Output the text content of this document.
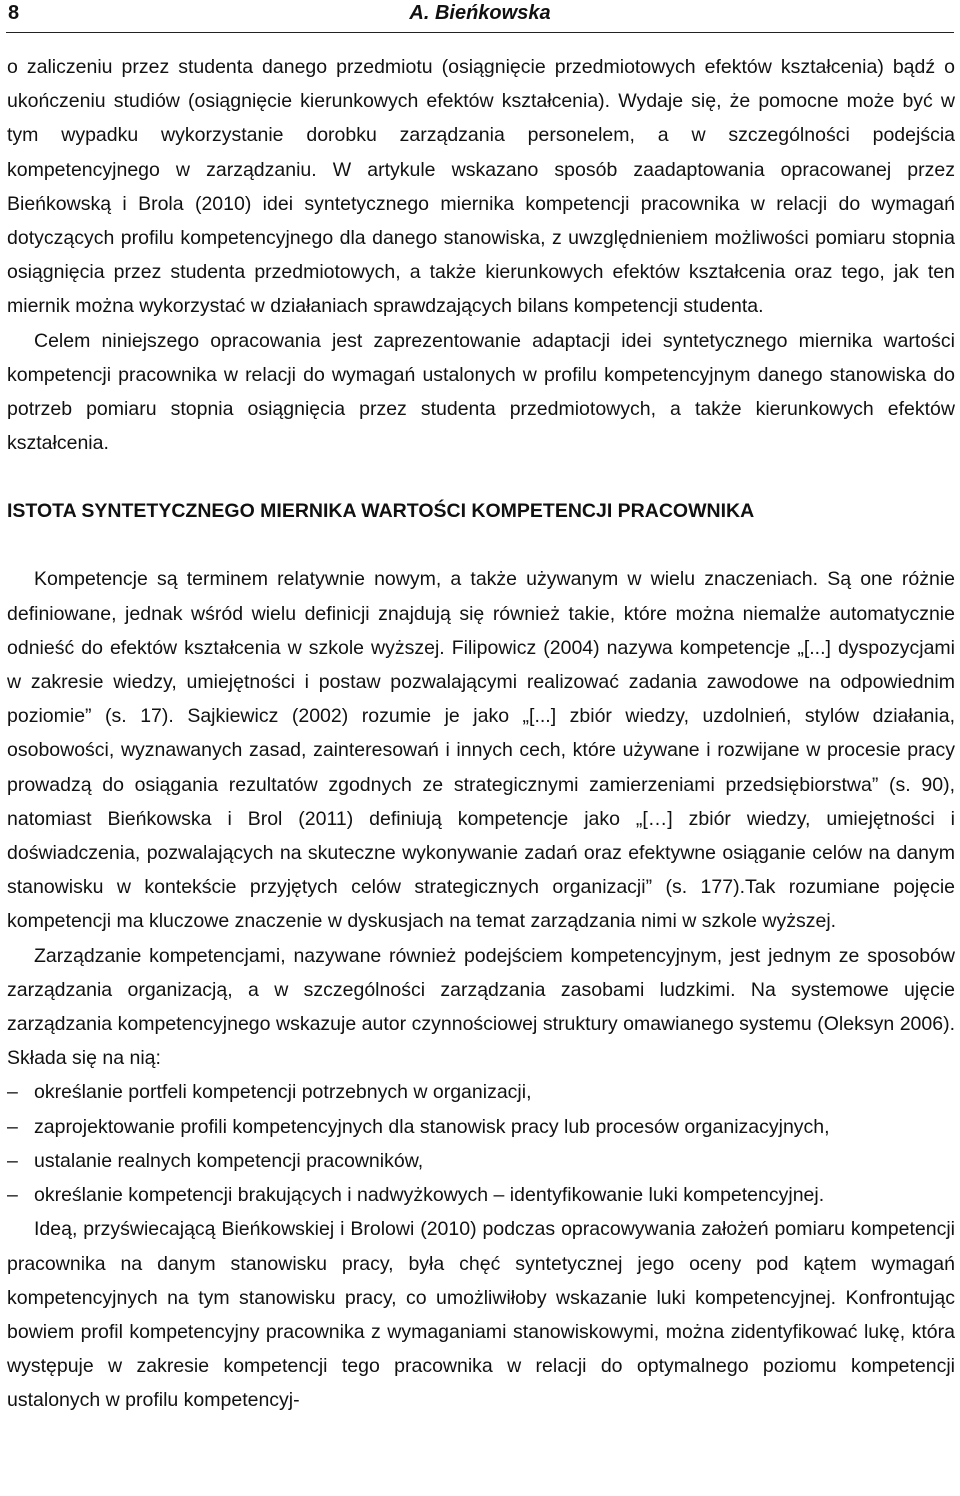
8	A. Bieńkowska

o zaliczeniu przez studenta danego przedmiotu (osiągnięcie przedmiotowych efektów kształcenia) bądź o ukończeniu studiów (osiągnięcie kierunkowych efektów kształcenia). Wydaje się, że pomocne może być w tym wypadku wykorzystanie dorobku zarządzania personelem, a w szczególności podejścia kompetencyjnego w zarządzaniu. W artykule wskazano sposób zaadaptowania opracowanej przez Bieńkowską i Brola (2010) idei syntetycznego miernika kompetencji pracownika w relacji do wymagań dotyczących profilu kompetencyjnego dla danego stanowiska, z uwzględnieniem możliwości pomiaru stopnia osiągnięcia przez studenta przedmiotowych, a także kierunkowych efektów kształcenia oraz tego, jak ten miernik można wykorzystać w działaniach sprawdzających bilans kompetencji studenta.

Celem niniejszego opracowania jest zaprezentowanie adaptacji idei syntetycznego miernika wartości kompetencji pracownika w relacji do wymagań ustalonych w profilu kompetencyjnym danego stanowiska do potrzeb pomiaru stopnia osiągnięcia przez studenta przedmiotowych, a także kierunkowych efektów kształcenia.

ISTOTA SYNTETYCZNEGO MIERNIKA WARTOŚCI KOMPETENCJI PRACOWNIKA

Kompetencje są terminem relatywnie nowym, a także używanym w wielu znaczeniach. Są one różnie definiowane, jednak wśród wielu definicji znajdują się również takie, które można niemalże automatycznie odnieść do efektów kształcenia w szkole wyższej. Filipowicz (2004) nazywa kompetencje „[...] dyspozycjami w zakresie wiedzy, umiejętności i postaw pozwalającymi realizować zadania zawodowe na odpowiednim poziomie” (s. 17). Sajkiewicz (2002) rozumie je jako „[...] zbiór wiedzy, uzdolnień, stylów działania, osobowości, wyznawanych zasad, zainteresowań i innych cech, które używane i rozwijane w procesie pracy prowadzą do osiągania rezultatów zgodnych ze strategicznymi zamierzeniami przedsiębiorstwa” (s. 90), natomiast Bieńkowska i Brol (2011) definiują kompetencje jako „[…] zbiór wiedzy, umiejętności i doświadczenia, pozwalających na skuteczne wykonywanie zadań oraz efektywne osiąganie celów na danym stanowisku w kontekście przyjętych celów strategicznych organizacji” (s. 177).Tak rozumiane pojęcie kompetencji ma kluczowe znaczenie w dyskusjach na temat zarządzania nimi w szkole wyższej.

Zarządzanie kompetencjami, nazywane również podejściem kompetencyjnym, jest jednym ze sposobów zarządzania organizacją, a w szczególności zarządzania zasobami ludzkimi. Na systemowe ujęcie zarządzania kompetencyjnego wskazuje autor czynnościowej struktury omawianego systemu (Oleksyn 2006). Składa się na nią:

– określanie portfeli kompetencji potrzebnych w organizacji,
– zaprojektowanie profili kompetencyjnych dla stanowisk pracy lub procesów organizacyjnych,
– ustalanie realnych kompetencji pracowników,
– określanie kompetencji brakujących i nadwyżkowych – identyfikowanie luki kompetencyjnej.

Ideą, przyświecającą Bieńkowskiej i Brolowi (2010) podczas opracowywania założeń pomiaru kompetencji pracownika na danym stanowisku pracy, była chęć syntetycznej jego oceny pod kątem wymagań kompetencyjnych na tym stanowisku pracy, co umożliwiłoby wskazanie luki kompetencyjnej. Konfrontując bowiem profil kompetencyjny pracownika z wymaganiami stanowiskowymi, można zidentyfikować lukę, która występuje w zakresie kompetencji tego pracownika w relacji do optymalnego poziomu kompetencji ustalonych w profilu kompetencyj-
